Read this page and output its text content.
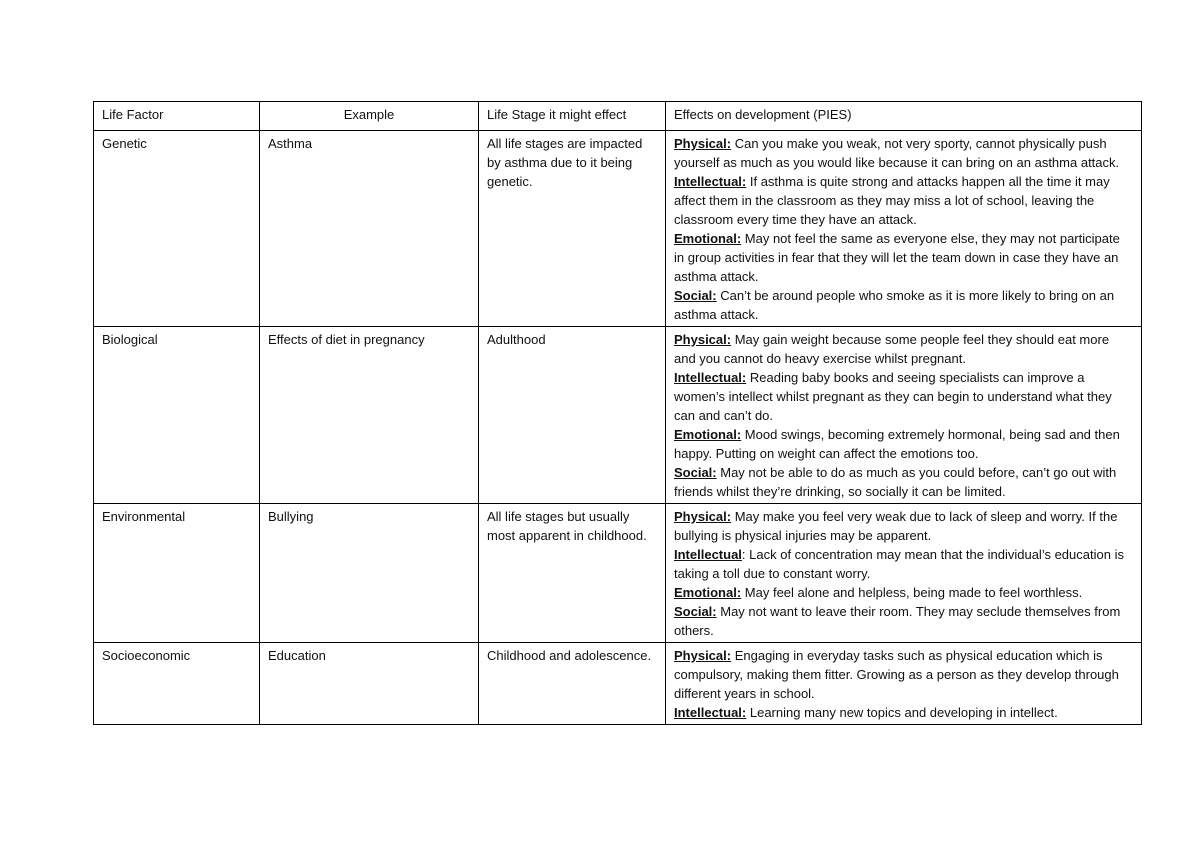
Life Factor	Example	Life Stage it might effect	Effects on development (PIES)
Genetic	Asthma	All life stages are impacted by asthma due to it being genetic.	Physical: Can you make you weak, not very sporty, cannot physically push yourself as much as you would like because it can bring on an asthma attack.
Intellectual: If asthma is quite strong and attacks happen all the time it may affect them in the classroom as they may miss a lot of school, leaving the classroom every time they have an attack.
Emotional: May not feel the same as everyone else, they may not participate in group activities in fear that they will let the team down in case they have an asthma attack.
Social: Can’t be around people who smoke as it is more likely to bring on an asthma attack.

Biological	Effects of diet in pregnancy	Adulthood	Physical: May gain weight because some people feel they should eat more and you cannot do heavy exercise whilst pregnant.
Intellectual: Reading baby books and seeing specialists can improve a women’s intellect whilst pregnant as they can begin to understand what they can and can’t do.
Emotional: Mood swings, becoming extremely hormonal, being sad and then happy. Putting on weight can affect the emotions too.
Social: May not be able to do as much as you could before, can’t go out with friends whilst they’re drinking, so socially it can be limited.

Environmental	Bullying	All life stages but usually most apparent in childhood.	Physical: May make you feel very weak due to lack of sleep and worry. If the bullying is physical injuries may be apparent.
Intellectual: Lack of concentration may mean that the individual’s education is taking a toll due to constant worry.
Emotional: May feel alone and helpless, being made to feel worthless.
Social: May not want to leave their room. They may seclude themselves from others.

Socioeconomic	Education	Childhood and adolescence.	Physical: Engaging in everyday tasks such as physical education which is compulsory, making them fitter. Growing as a person as they develop through different years in school.
Intellectual: Learning many new topics and developing in intellect.
